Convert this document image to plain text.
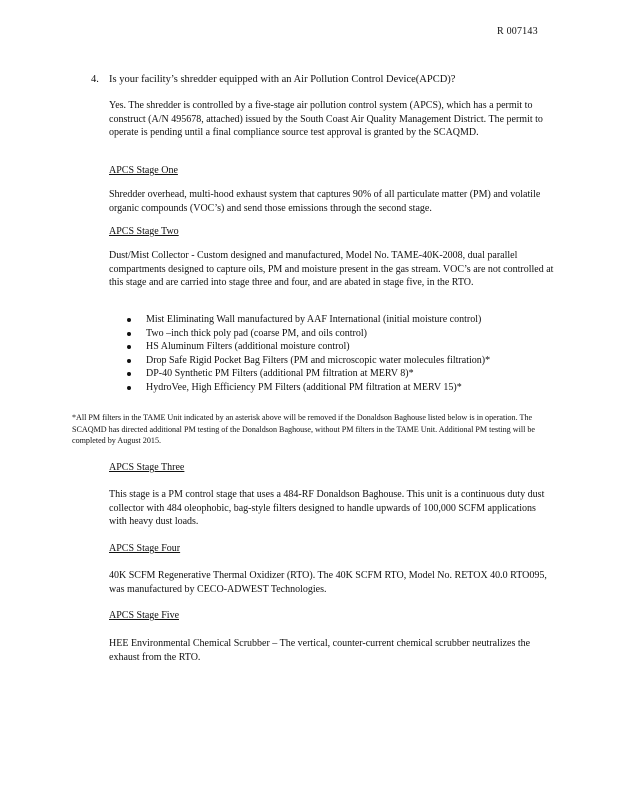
R 007143
4. Is your facility’s shredder equipped with an Air Pollution Control Device(APCD)?
Yes. The shredder is controlled by a five-stage air pollution control system (APCS), which has a permit to construct (A/N 495678, attached) issued by the South Coast Air Quality Management District. The permit to operate is pending until a final compliance source test approval is granted by the SCAQMD.
APCS Stage One
Shredder overhead, multi-hood exhaust system that captures 90% of all particulate matter (PM) and volatile organic compounds (VOC’s) and send those emissions through the second stage.
APCS Stage Two
Dust/Mist Collector - Custom designed and manufactured, Model No. TAME-40K-2008, dual parallel compartments designed to capture oils, PM and moisture present in the gas stream. VOC’s are not controlled at this stage and are carried into stage three and four, and are abated in stage five, in the RTO.
Mist Eliminating Wall manufactured by AAF International (initial moisture control)
Two –inch thick poly pad (coarse PM, and oils control)
HS Aluminum Filters (additional moisture control)
Drop Safe Rigid Pocket Bag Filters (PM and microscopic water molecules filtration)*
DP-40 Synthetic PM Filters (additional PM filtration at MERV 8)*
HydroVee, High Efficiency PM Filters (additional PM filtration at MERV 15)*
*All PM filters in the TAME Unit indicated by an asterisk above will be removed if the Donaldson Baghouse listed below is in operation. The SCAQMD has directed additional PM testing of the Donaldson Baghouse, without PM filters in the TAME Unit. Additional PM testing will be completed by August 2015.
APCS Stage Three
This stage is a PM control stage that uses a 484-RF Donaldson Baghouse. This unit is a continuous duty dust collector with 484 oleophobic, bag-style filters designed to handle upwards of 100,000 SCFM applications with heavy dust loads.
APCS Stage Four
40K SCFM Regenerative Thermal Oxidizer (RTO). The 40K SCFM RTO, Model No. RETOX 40.0 RTO095, was manufactured by CECO-ADWEST Technologies.
APCS Stage Five
HEE Environmental Chemical Scrubber – The vertical, counter-current chemical scrubber neutralizes the exhaust from the RTO.
